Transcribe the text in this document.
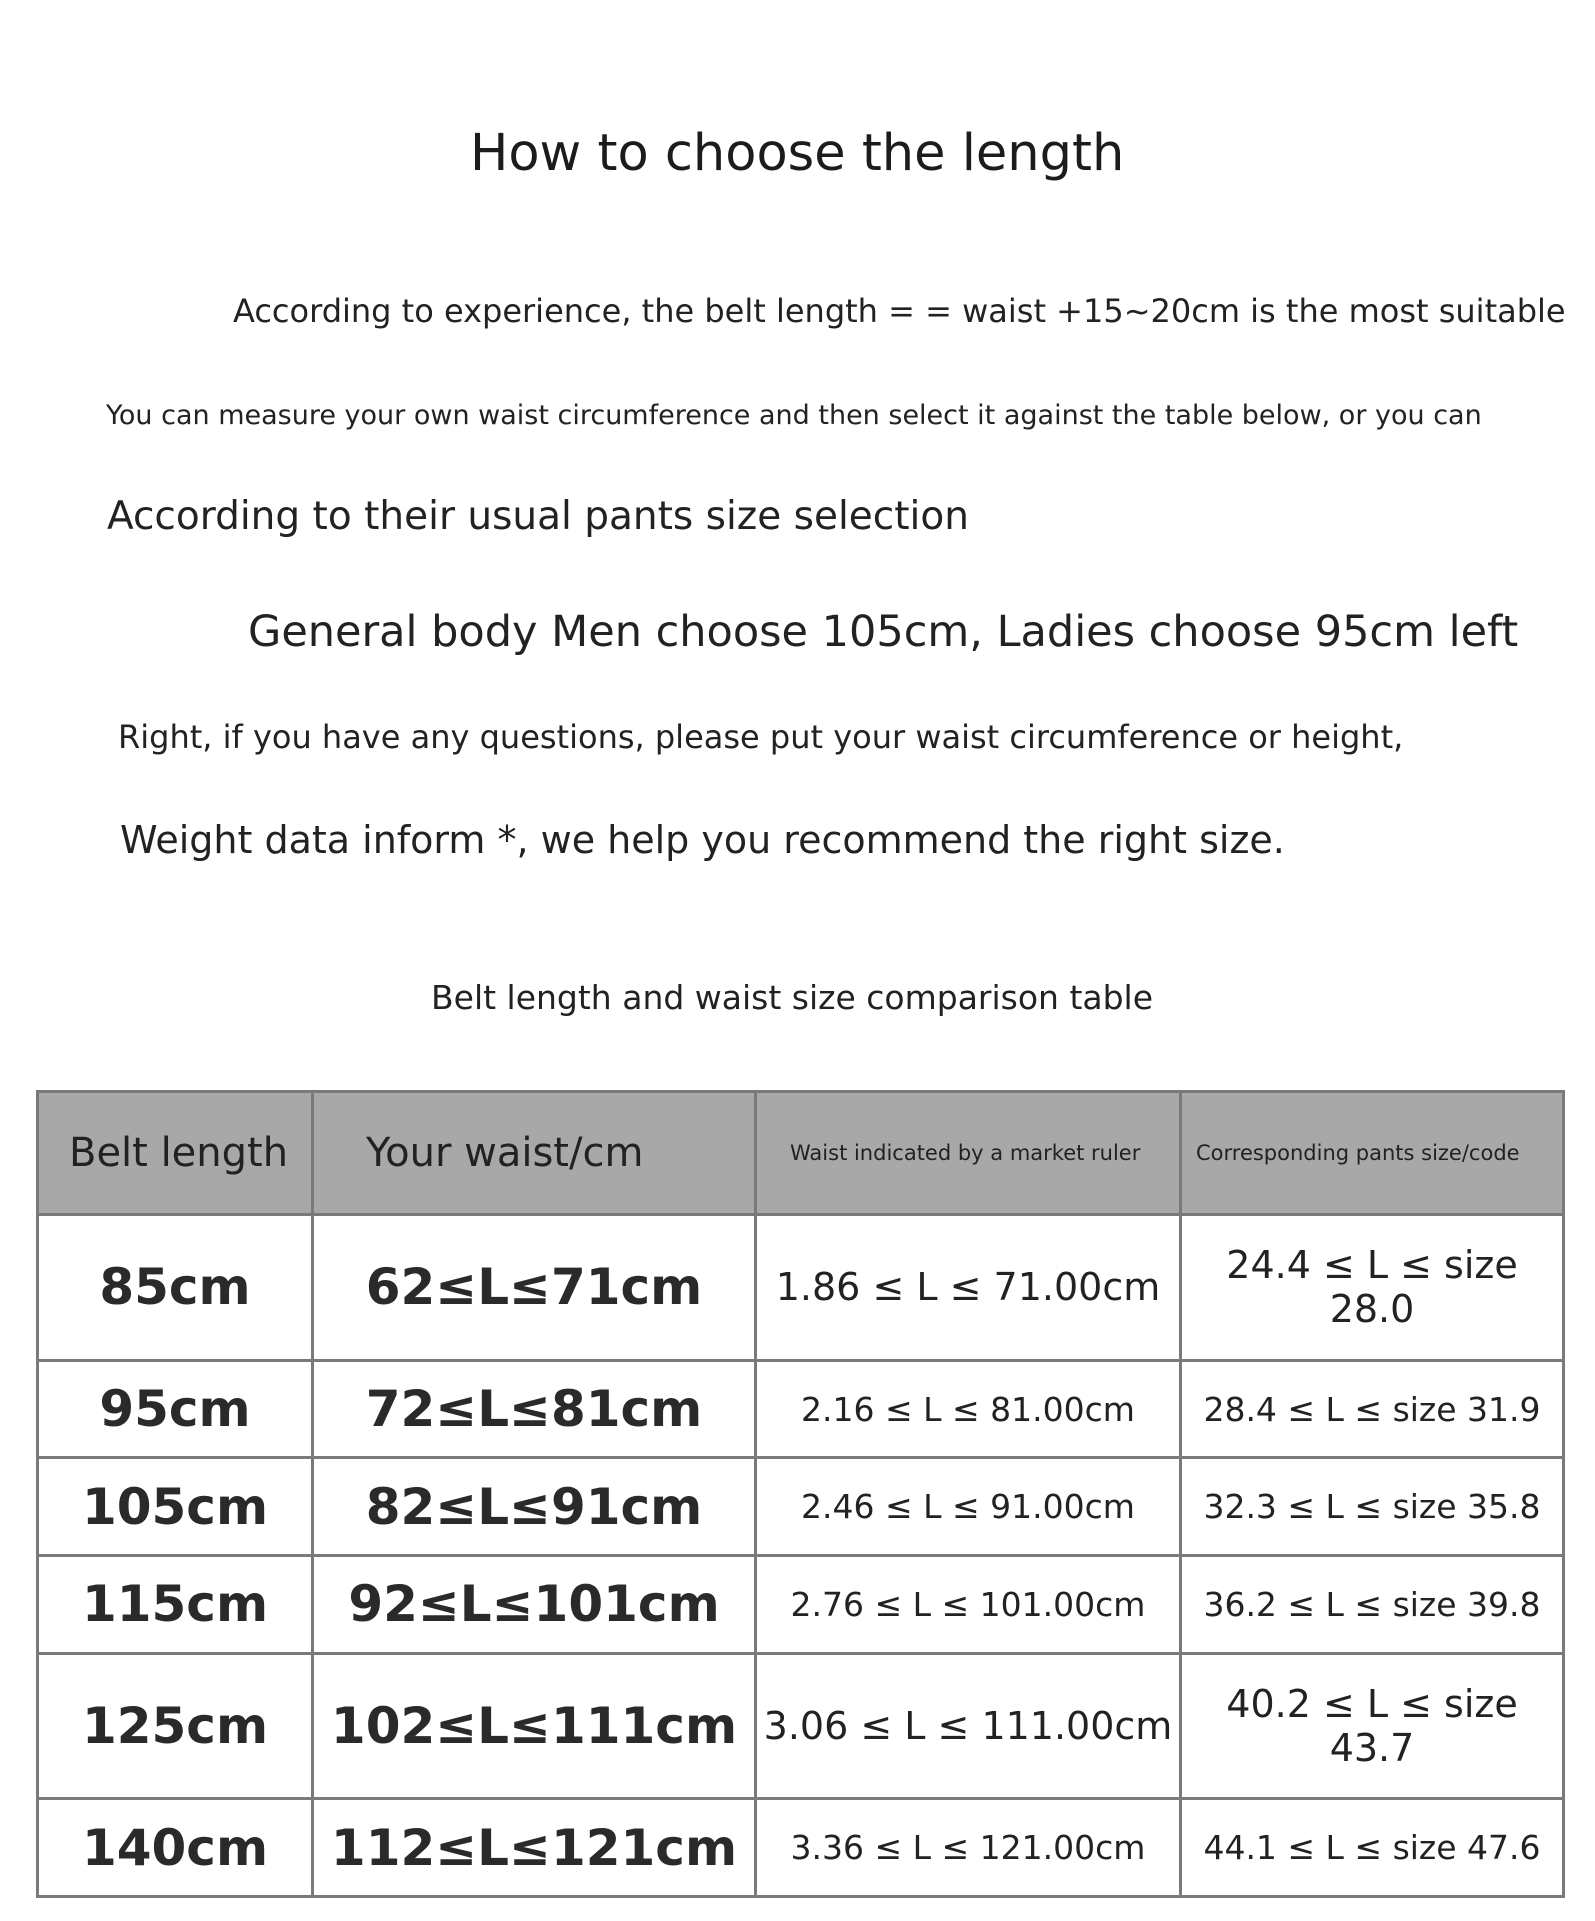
How to choose the length

According to experience, the belt length = = waist +15~20cm is the most suitable

You can measure your own waist circumference and then select it against the table below, or you can

According to their usual pants size selection

General body Men choose 105cm, Ladies choose 95cm left

Right, if you have any questions, please put your waist circumference or height,

Weight data inform *, we help you recommend the right size.

Belt length and waist size comparison table

Belt length	Your waist/cm	Waist indicated by a market ruler	Corresponding pants size/code
85cm	62≤L≤71cm	1.86 ≤ L ≤ 71.00cm	24.4 ≤ L ≤ size 28.0
95cm	72≤L≤81cm	2.16 ≤ L ≤ 81.00cm	28.4 ≤ L ≤ size 31.9
105cm	82≤L≤91cm	2.46 ≤ L ≤ 91.00cm	32.3 ≤ L ≤ size 35.8
115cm	92≤L≤101cm	2.76 ≤ L ≤ 101.00cm	36.2 ≤ L ≤ size 39.8
125cm	102≤L≤111cm	3.06 ≤ L ≤ 111.00cm	40.2 ≤ L ≤ size 43.7
140cm	112≤L≤121cm	3.36 ≤ L ≤ 121.00cm	44.1 ≤ L ≤ size 47.6
